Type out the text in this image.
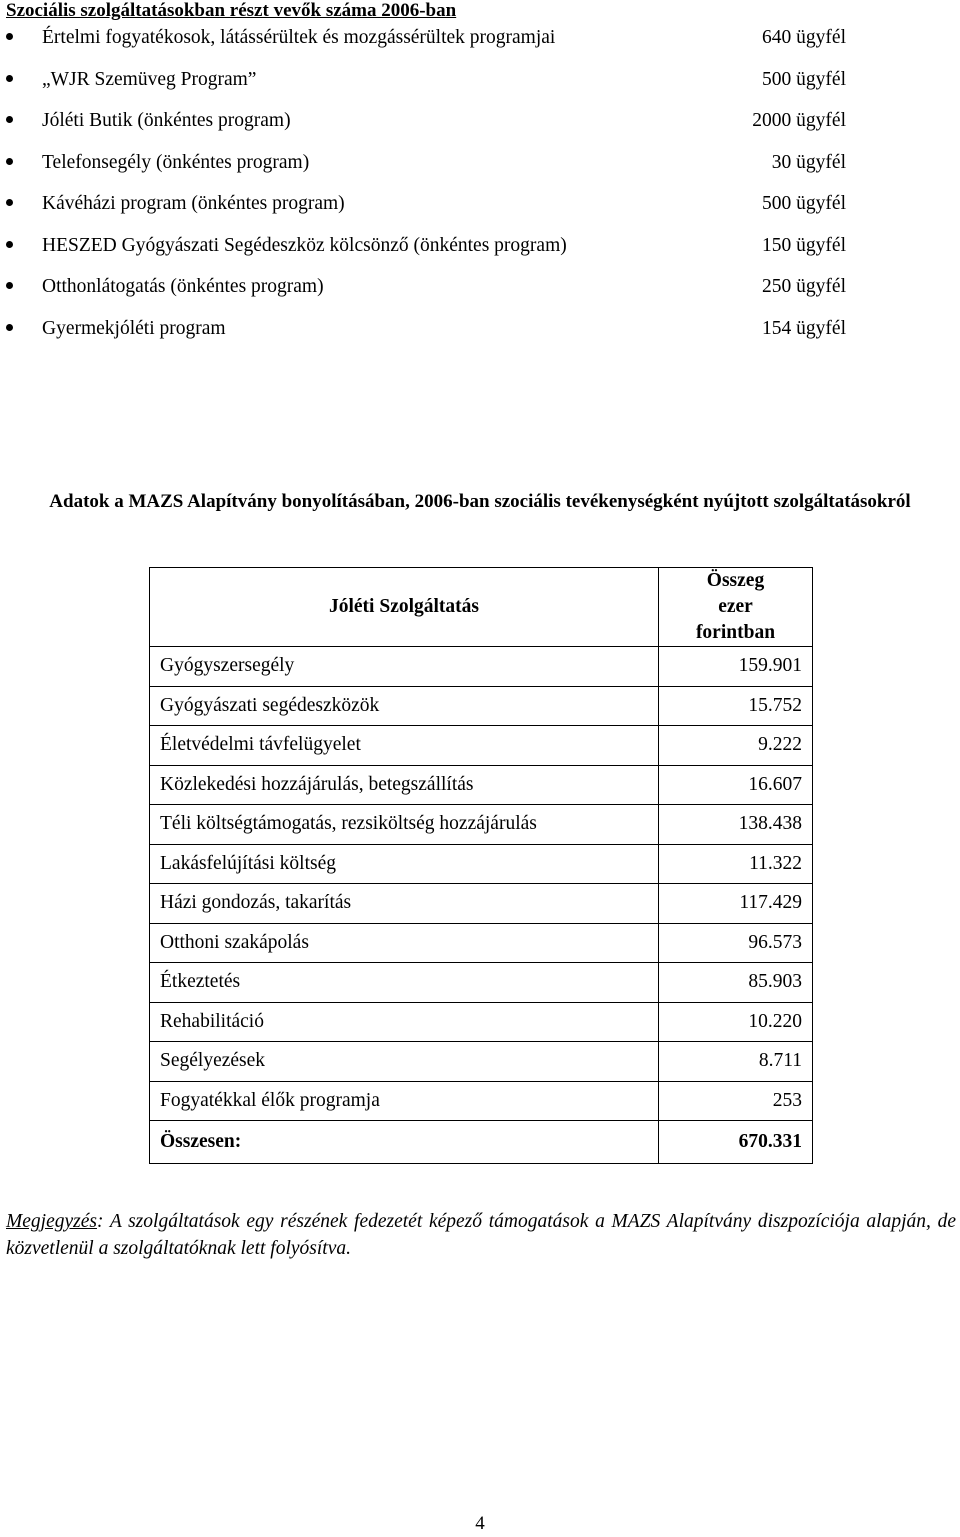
Szociális szolgáltatásokban részt vevők száma 2006-ban
Értelmi fogyatékosok, látássérültek és mozgássérültek programjai	640 ügyfél
„WJR Szemüveg Program”	500 ügyfél
Jóléti Butik (önkéntes program)	2000 ügyfél
Telefonsegély (önkéntes program)	30 ügyfél
Kávéházi program (önkéntes program)	500 ügyfél
HESZED Gyógyászati Segédeszköz kölcsönző (önkéntes program)	150 ügyfél
Otthonlátogatás (önkéntes program)	250 ügyfél
Gyermekjóléti program	154 ügyfél
Adatok a MAZS Alapítvány bonyolításában, 2006-ban szociális tevékenységként nyújtott szolgáltatásokról
Jóléti Szolgáltatás	Összeg
ezer
forintban
Gyógyszersegély	159.901
Gyógyászati segédeszközök	15.752
Életvédelmi távfelügyelet	9.222
Közlekedési hozzájárulás, betegszállítás	16.607
Téli költségtámogatás, rezsiköltség hozzájárulás	138.438
Lakásfelújítási költség	11.322
Házi gondozás, takarítás	117.429
Otthoni szakápolás	96.573
Étkeztetés	85.903
Rehabilitáció	10.220
Segélyezések	8.711
Fogyatékkal élők programja	253
Összesen:	670.331
Megjegyzés: A szolgáltatások egy részének fedezetét képező támogatások a MAZS Alapítvány diszpozíciója alapján, de közvetlenül a szolgáltatóknak lett folyósítva.
4
